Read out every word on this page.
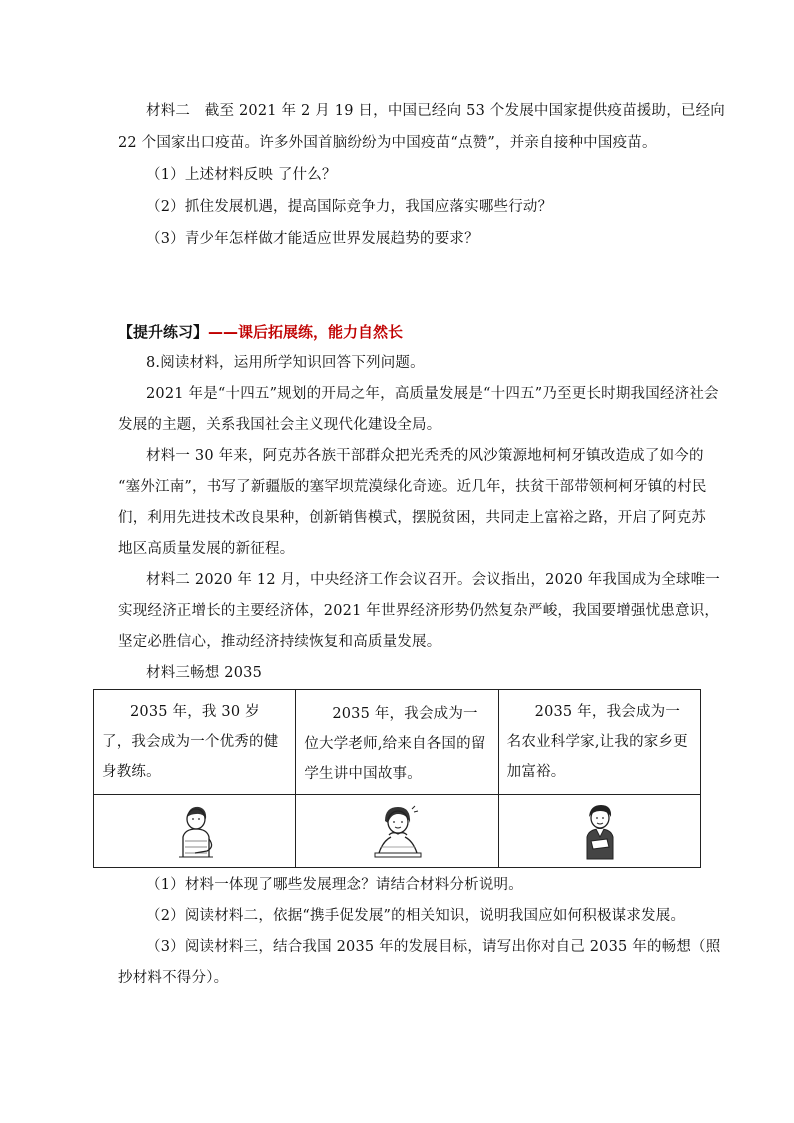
材料二　截至 2021 年 2 月 19 日，中国已经向 53 个发展中国家提供疫苗援助，已经向
22 个国家出口疫苗。许多外国首脑纷纷为中国疫苗“点赞”，并亲自接种中国疫苗。
（1）上述材料反映 了什么？
（2）抓住发展机遇，提高国际竞争力，我国应落实哪些行动？
（3）青少年怎样做才能适应世界发展趋势的要求？
【提升练习】——课后拓展练，能力自然长
8.阅读材料，运用所学知识回答下列问题。
2021 年是“十四五”规划的开局之年，高质量发展是“十四五”乃至更长时期我国经济社会
发展的主题，关系我国社会主义现代化建设全局。
材料一 30 年来，阿克苏各族干部群众把光秃秃的风沙策源地柯柯牙镇改造成了如今的
“塞外江南”，书写了新疆版的塞罕坝荒漠绿化奇迹。近几年，扶贫干部带领柯柯牙镇的村民
们，利用先进技术改良果种，创新销售模式，摆脱贫困，共同走上富裕之路，开启了阿克苏
地区高质量发展的新征程。
材料二 2020 年 12 月，中央经济工作会议召开。会议指出，2020 年我国成为全球唯一
实现经济正增长的主要经济体，2021 年世界经济形势仍然复杂严峻，我国要增强忧患意识，
坚定必胜信心，推动经济持续恢复和高质量发展。
材料三畅想 2035
2035 年，我 30 岁了，我会成为一个优秀的健身教练。	2035 年，我会成为一位大学老师,给来自各国的留学生讲中国故事。	2035 年，我会成为一名农业科学家,让我的家乡更加富裕。

（1）材料一体现了哪些发展理念？请结合材料分析说明。
（2）阅读材料二，依据“携手促发展”的相关知识，说明我国应如何积极谋求发展。
（3）阅读材料三，结合我国 2035 年的发展目标，请写出你对自己 2035 年的畅想（照
抄材料不得分）。
